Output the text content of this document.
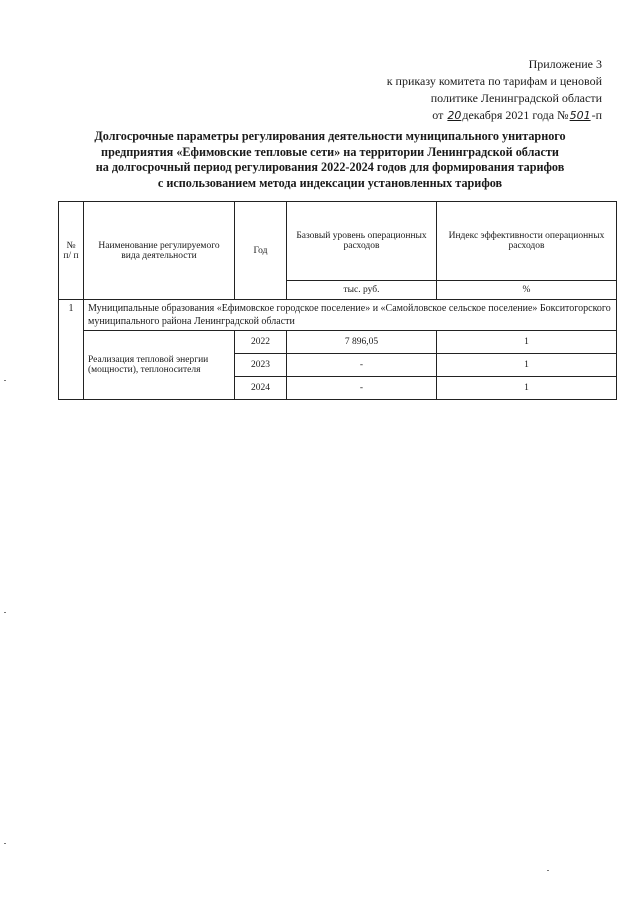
Приложение 3
к приказу комитета по тарифам и ценовой
политике Ленинградской области
от 20декабря 2021 года №501-п
Долгосрочные параметры регулирования деятельности муниципального унитарного
предприятия «Ефимовские тепловые сети» на территории Ленинградской области
на долгосрочный период регулирования 2022-2024 годов для формирования тарифов
с использованием метода индексации установленных тарифов
№ п/ п	Наименование регулируемого вида деятельности	Год	Базовый уровень операционных расходов	Индекс эффективности операционных расходов
			тыс. руб.	%
1	Муниципальные образования «Ефимовское городское поселение» и «Самойловское сельское поселение» Бокситогорского муниципального района Ленинградской области			
	Реализация тепловой энергии (мощности), теплоносителя	2022	7 896,05	1
		2023	-	1
		2024	-	1
